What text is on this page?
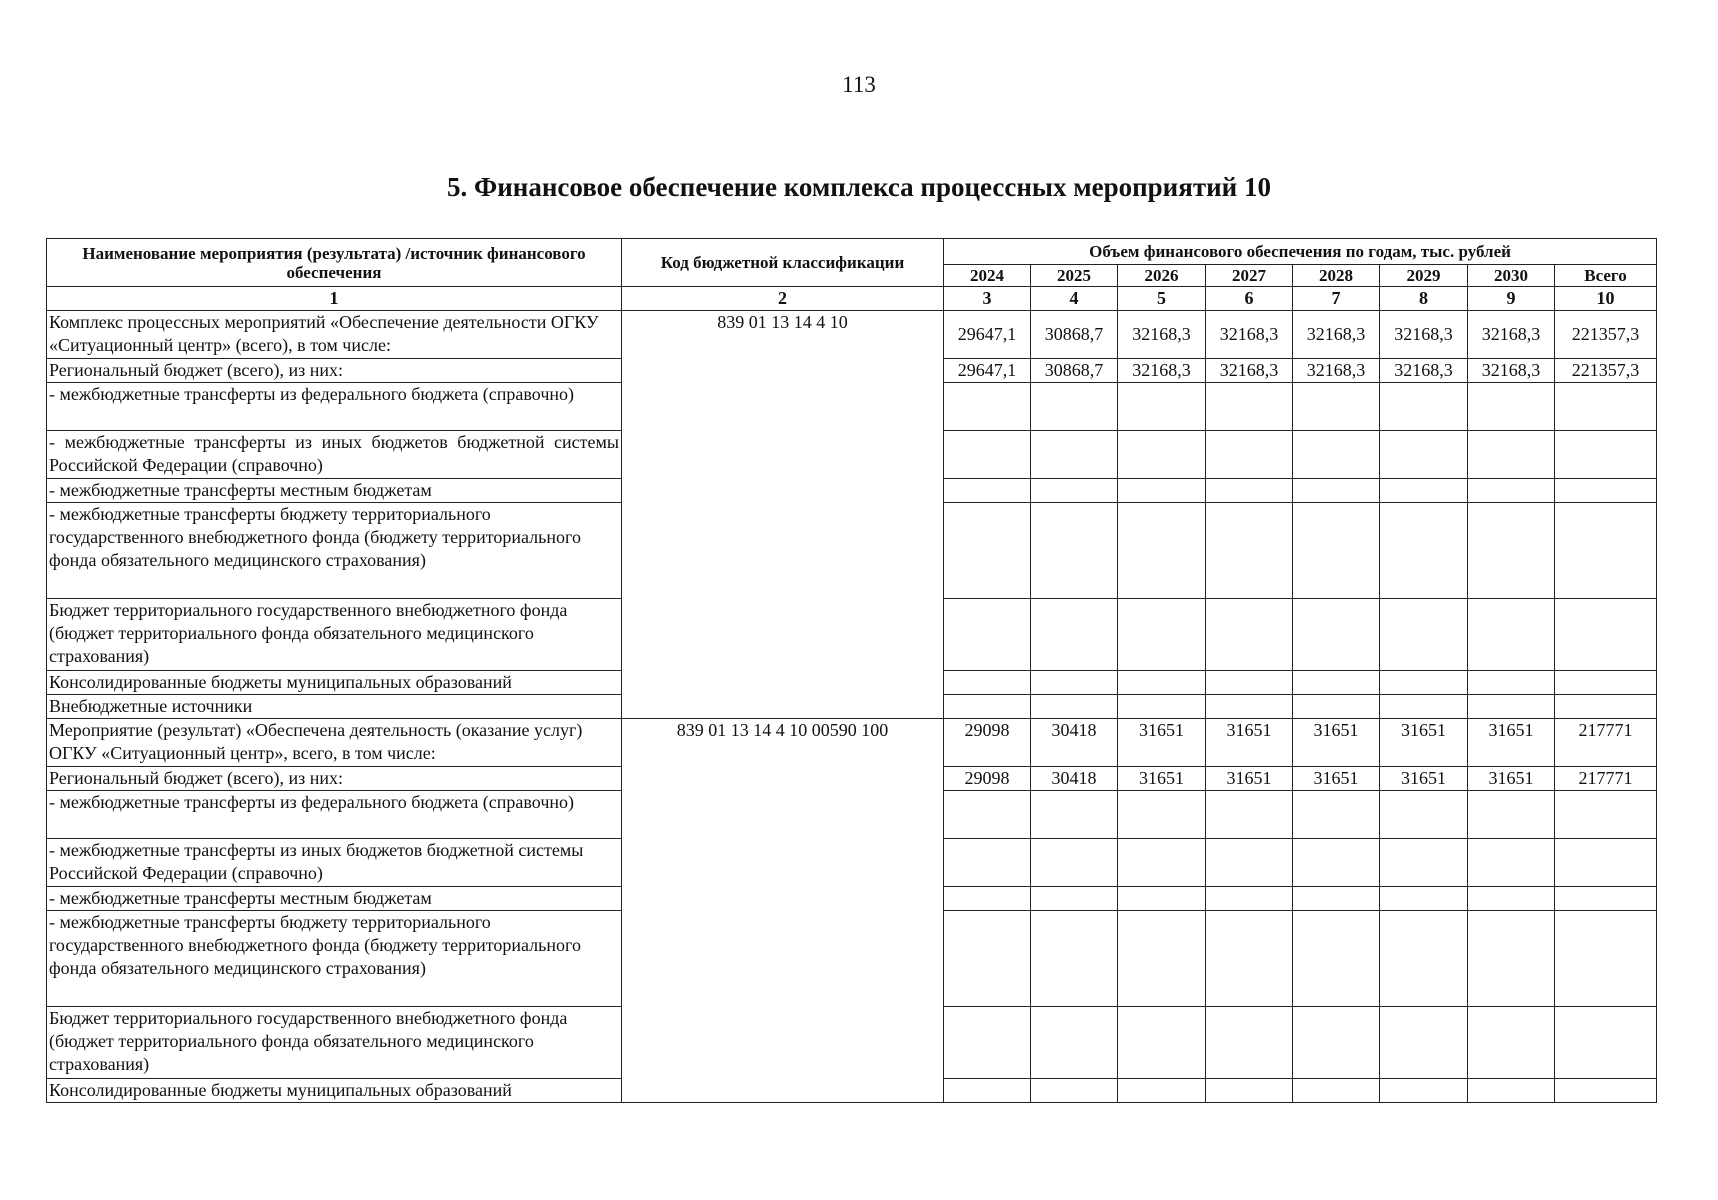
113
5. Финансовое обеспечение комплекса процессных мероприятий 10
Наименование мероприятия (результата) /источник финансового обеспечения	Код бюджетной классификации	Объем финансового обеспечения по годам, тыс. рублей							
		2024	2025	2026	2027	2028	2029	2030	Всего
1	2	3	4	5	6	7	8	9	10
Комплекс процессных мероприятий «Обеспечение деятельности ОГКУ «Ситуационный центр» (всего), в том числе:	839 01 13 14 4 10	29647,1	30868,7	32168,3	32168,3	32168,3	32168,3	32168,3	221357,3
Региональный бюджет (всего), из них:		29647,1	30868,7	32168,3	32168,3	32168,3	32168,3	32168,3	221357,3
- межбюджетные трансферты из федерального бюджета (справочно)									
- межбюджетные трансферты из иных бюджетов бюджетной системы Российской Федерации (справочно)									
- межбюджетные трансферты местным бюджетам									
- межбюджетные трансферты бюджету территориального государственного внебюджетного фонда (бюджету территориального фонда обязательного медицинского страхования)									
Бюджет территориального государственного внебюджетного фонда (бюджет территориального фонда обязательного медицинского страхования)									
Консолидированные бюджеты муниципальных образований									
Внебюджетные источники									
Мероприятие (результат) «Обеспечена деятельность (оказание услуг) ОГКУ «Ситуационный центр», всего, в том числе:	839 01 13 14 4 10 00590 100	29098	30418	31651	31651	31651	31651	31651	217771
Региональный бюджет (всего), из них:		29098	30418	31651	31651	31651	31651	31651	217771
- межбюджетные трансферты из федерального бюджета (справочно)									
- межбюджетные трансферты из иных бюджетов бюджетной системы Российской Федерации (справочно)									
- межбюджетные трансферты местным бюджетам									
- межбюджетные трансферты бюджету территориального государственного внебюджетного фонда (бюджету территориального фонда обязательного медицинского страхования)									
Бюджет территориального государственного внебюджетного фонда (бюджет территориального фонда обязательного медицинского страхования)									
Консолидированные бюджеты муниципальных образований									
